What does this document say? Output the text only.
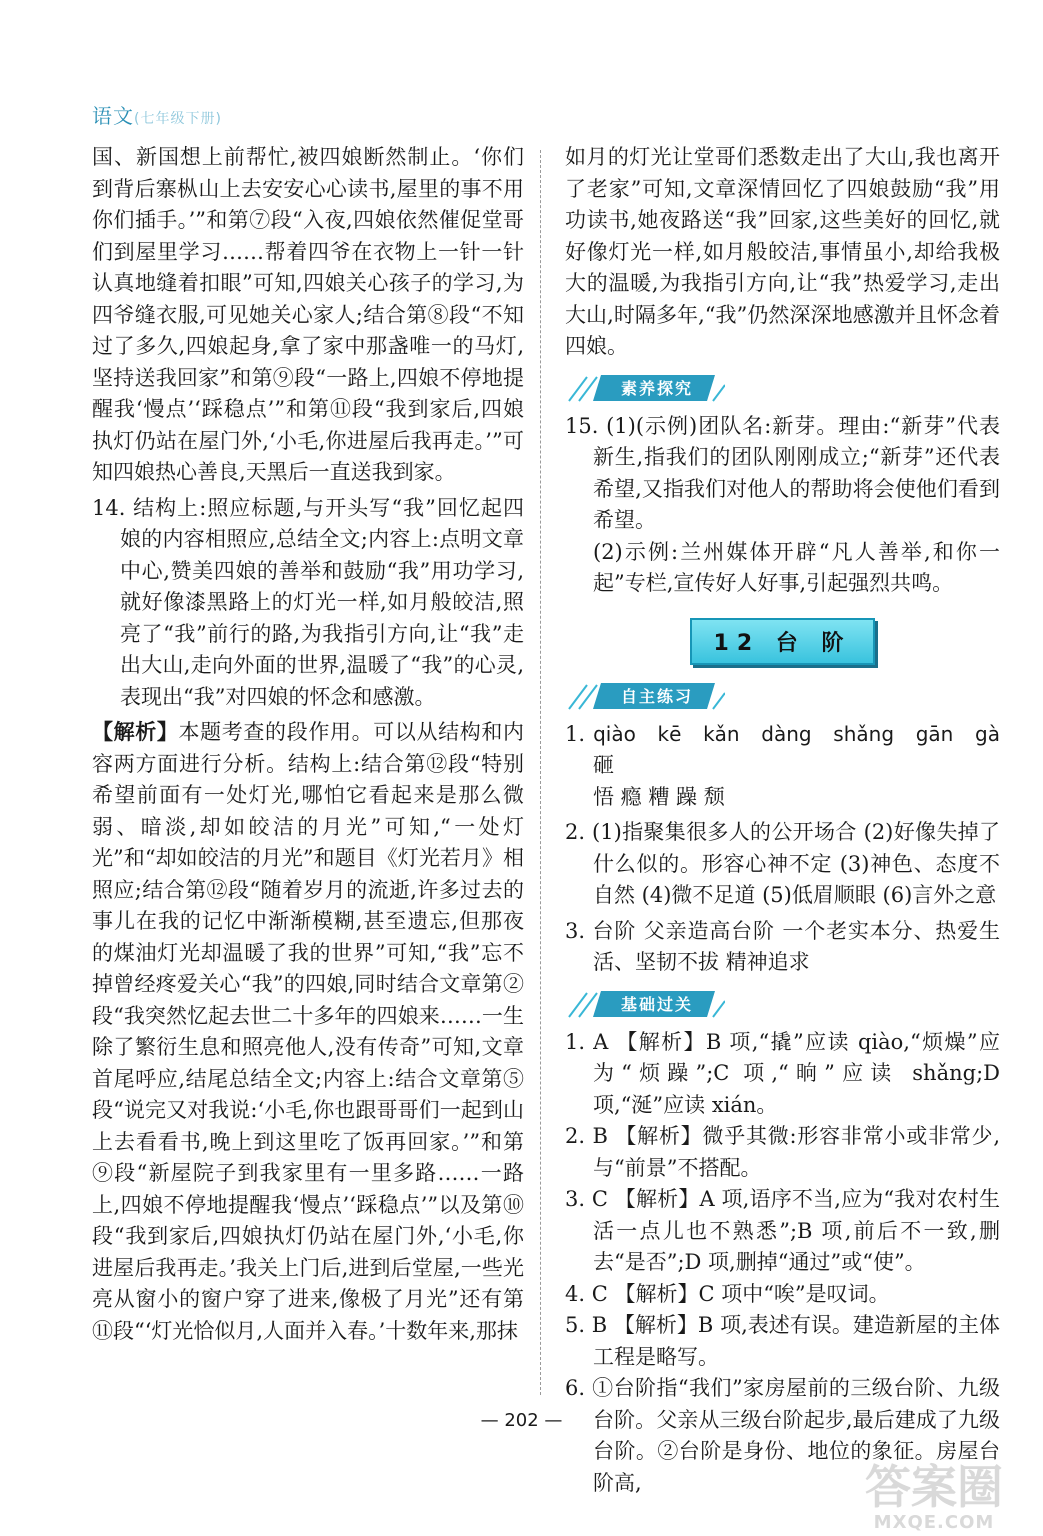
语文(七年级下册)

国、新国想上前帮忙,被四娘断然制止。‘你们到背后寨枞山上去安安心心读书,屋里的事不用你们插手。’”和第⑦段“入夜,四娘依然催促堂哥们到屋里学习……帮着四爷在衣物上一针一针认真地缝着扣眼”可知,四娘关心孩子的学习,为四爷缝衣服,可见她关心家人;结合第⑧段“不知过了多久,四娘起身,拿了家中那盏唯一的马灯,坚持送我回家”和第⑨段“一路上,四娘不停地提醒我‘慢点’‘踩稳点’”和第⑪段“我到家后,四娘执灯仍站在屋门外,‘小毛,你进屋后我再走。’”可知四娘热心善良,天黑后一直送我到家。

14. 结构上:照应标题,与开头写“我”回忆起四娘的内容相照应,总结全文;内容上:点明文章中心,赞美四娘的善举和鼓励“我”用功学习,就好像漆黑路上的灯光一样,如月般皎洁,照亮了“我”前行的路,为我指引方向,让“我”走出大山,走向外面的世界,温暖了“我”的心灵,表现出“我”对四娘的怀念和感激。

【解析】本题考查的段作用。可以从结构和内容两方面进行分析。结构上:结合第⑫段“特别希望前面有一处灯光,哪怕它看起来是那么微弱、暗淡,却如皎洁的月光”可知,“一处灯光”和“却如皎洁的月光”和题目《灯光若月》相照应;结合第⑫段“随着岁月的流逝,许多过去的事儿在我的记忆中渐渐模糊,甚至遗忘,但那夜的煤油灯光却温暖了我的世界”可知,“我”忘不掉曾经疼爱关心“我”的四娘,同时结合文章第②段“我突然忆起去世二十多年的四娘来……一生除了繁衍生息和照亮他人,没有传奇”可知,文章首尾呼应,结尾总结全文;内容上:结合文章第⑤段“说完又对我说:‘小毛,你也跟哥哥们一起到山上去看看书,晚上到这里吃了饭再回家。’”和第⑨段“新屋院子到我家里有一里多路……一路上,四娘不停地提醒我‘慢点’‘踩稳点’”以及第⑩段“我到家后,四娘执灯仍站在屋门外,‘小毛,你进屋后我再走。’我关上门后,进到后堂屋,一些光亮从窗小的窗户穿了进来,像极了月光”还有第⑪段“‘灯光恰似月,人面并入春。’十数年来,那抹

如月的灯光让堂哥们悉数走出了大山,我也离开了老家”可知,文章深情回忆了四娘鼓励“我”用功读书,她夜路送“我”回家,这些美好的回忆,就好像灯光一样,如月般皎洁,事情虽小,却给我极大的温暖,为我指引方向,让“我”热爱学习,走出大山,时隔多年,“我”仍然深深地感激并且怀念着四娘。

素养探究

15. (1)(示例)团队名:新芽。理由:“新芽”代表新生,指我们的团队刚刚成立;“新芽”还代表希望,又指我们对他人的帮助将会使他们看到希望。

(2)示例:兰州媒体开辟“凡人善举,和你一起”专栏,宣传好人好事,引起强烈共鸣。

12 台 阶
自主练习

1. qiào kē kǎn dàng shǎng gān gà 砸
悟 瘾 糟 躁 颓

2. (1)指聚集很多人的公开场合 (2)好像失掉了什么似的。形容心神不定 (3)神色、态度不自然 (4)微不足道 (5)低眉顺眼 (6)言外之意

3. 台阶 父亲造高台阶 一个老实本分、热爱生活、坚韧不拔 精神追求

基础过关

1. A 【解析】B 项,“撬”应读 qiào,“烦燥”应为“烦躁”;C 项,“晌”应读 shǎng;D 项,“涎”应读 xián。

2. B 【解析】微乎其微:形容非常小或非常少,与“前景”不搭配。

3. C 【解析】A 项,语序不当,应为“我对农村生活一点儿也不熟悉”;B 项,前后不一致,删去“是否”;D 项,删掉“通过”或“使”。

4. C 【解析】C 项中“唉”是叹词。

5. B 【解析】B 项,表述有误。建造新屋的主体工程是略写。

6. ①台阶指“我们”家房屋前的三级台阶、九级台阶。父亲从三级台阶起步,最后建成了九级台阶。②台阶是身份、地位的象征。房屋台阶高,

— 202 —
答案圈
MXQE.COM
